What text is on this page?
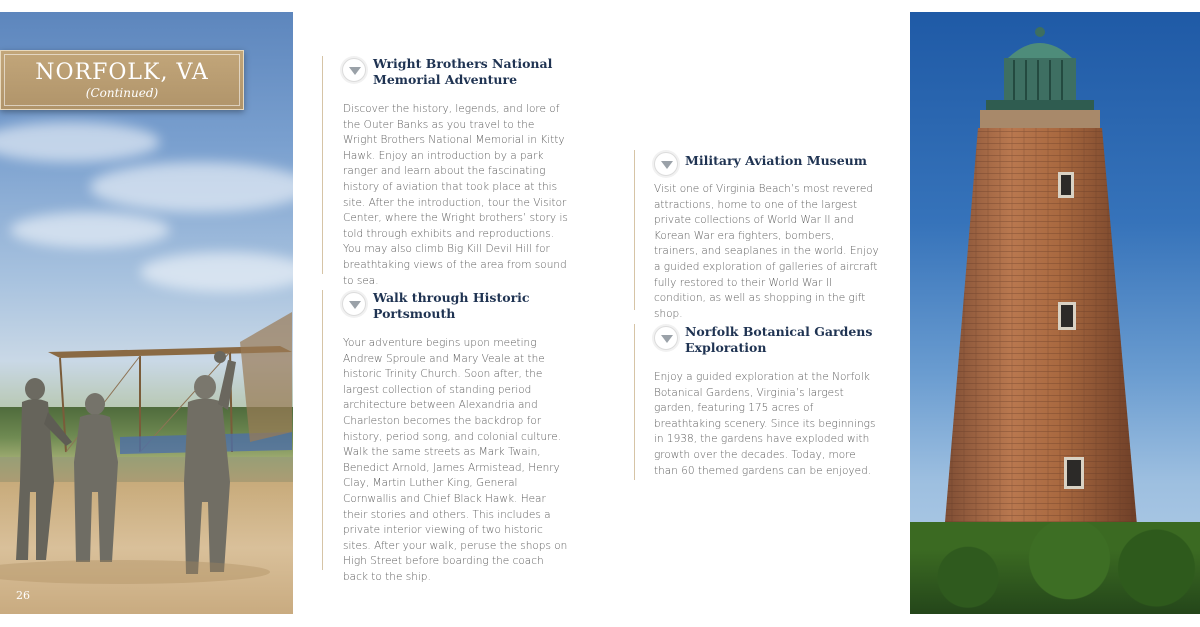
NORFOLK, VA
(Continued)
26
Wright Brothers National Memorial Adventure
Discover the history, legends, and lore of the Outer Banks as you travel to the Wright Brothers National Memorial in Kitty Hawk. Enjoy an introduction by a park ranger and learn about the fascinating history of aviation that took place at this site. After the introduction, tour the Visitor Center, where the Wright brothers’ story is told through exhibits and reproductions. You may also climb Big Kill Devil Hill for breathtaking views of the area from sound to sea.
Walk through Historic Portsmouth
Your adventure begins upon meeting Andrew Sproule and Mary Veale at the historic Trinity Church. Soon after, the largest collection of standing period architecture between Alexandria and Charleston becomes the backdrop for history, period song, and colonial culture. Walk the same streets as Mark Twain, Benedict Arnold, James Armistead, Henry Clay, Martin Luther King, General Cornwallis and Chief Black Hawk. Hear their stories and others. This includes a private interior viewing of two historic sites. After your walk, peruse the shops on High Street before boarding the coach back to the ship.
Military Aviation Museum
Visit one of Virginia Beach’s most revered attractions, home to one of the largest private collections of World War II and Korean War era fighters, bombers, trainers, and seaplanes in the world. Enjoy a guided exploration of galleries of aircraft fully restored to their World War II condition, as well as shopping in the gift shop.
Norfolk Botanical Gardens Exploration
Enjoy a guided exploration at the Norfolk Botanical Gardens, Virginia’s largest garden, featuring 175 acres of breathtaking scenery. Since its beginnings in 1938, the gardens have exploded with growth over the decades. Today, more than 60 themed gardens can be enjoyed.
